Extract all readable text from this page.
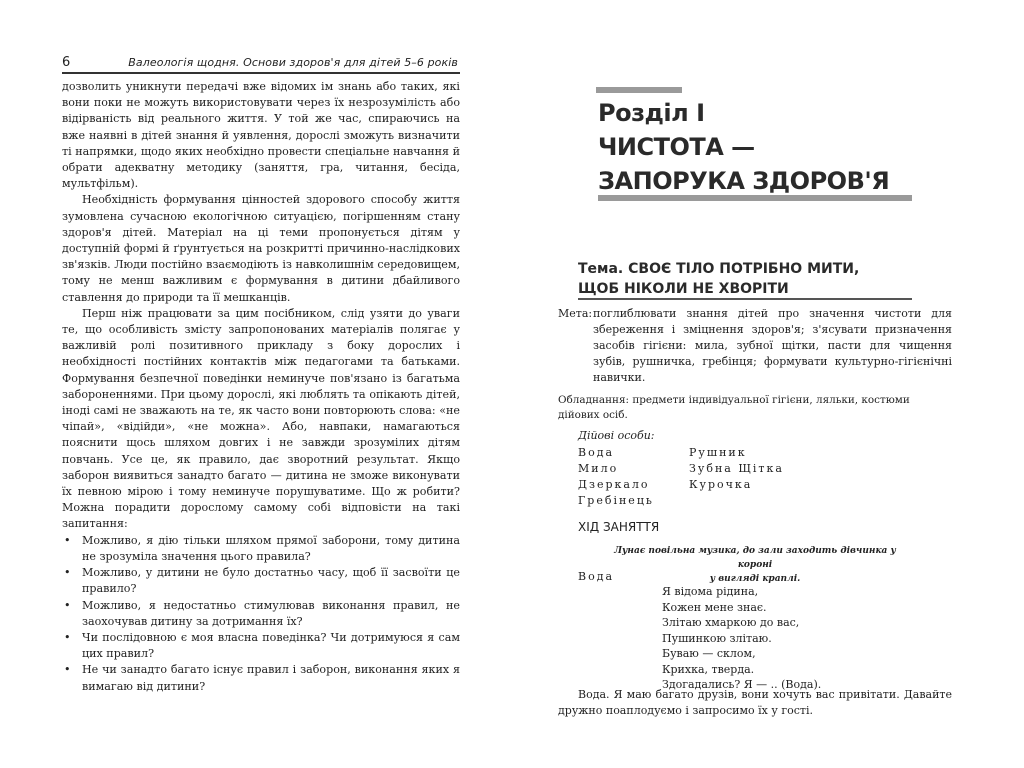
6	Валеологія щодня. Основи здоров'я для дітей 5–6 років

дозволить уникнути передачі вже відомих ім знань або таких, які вони поки не можуть використовувати через їх незрозумілість або відірваність від реального життя. У той же час, спираючись на вже наявні в дітей знання й уявлення, дорослі зможуть визначити ті напрямки, щодо яких необхідно провести спеціальне навчання й обрати адекватну методику (заняття, гра, читання, бесіда, мультфільм).

Необхідність формування цінностей здорового способу життя зумовлена сучасною екологічною ситуацією, погіршенням стану здоров'я дітей. Матеріал на ці теми пропонується дітям у доступній формі й ґрунтується на розкритті причинно-наслідкових зв'язків. Люди постійно взаємодіють із навколишнім середовищем, тому не менш важливим є формування в дитини дбайливого ставлення до природи та її мешканців.

Перш ніж працювати за цим посібником, слід узяти до уваги те, що особливість змісту запропонованих матеріалів полягає у важливій ролі позитивного прикладу з боку дорослих і необхідності постійних контактів між педагогами та батьками. Формування безпечної поведінки неминуче пов'язано із багатьма забороненнями. При цьому дорослі, які люблять та опікають дітей, іноді самі не зважають на те, як часто вони повторюють слова: «не чіпай», «відійди», «не можна». Або, навпаки, намагаються пояснити щось шляхом довгих і не завжди зрозумілих дітям повчань. Усе це, як правило, дає зворотний результат. Якщо заборон виявиться занадто багато — дитина не зможе виконувати їх певною мірою і тому неминуче порушуватиме. Що ж робити? Можна порадити дорослому самому собі відповісти на такі запитання:

• Можливо, я дію тільки шляхом прямої заборони, тому дитина не зрозуміла значення цього правила?
• Можливо, у дитини не було достатньо часу, щоб її засвоїти це правило?
• Можливо, я недостатньо стимулював виконання правил, не заохочував дитину за дотримання їх?
• Чи послідовною є моя власна поведінка? Чи дотримуюся я сам цих правил?
• Не чи занадто багато існує правил і заборон, виконання яких я вимагаю від дитини?
Розділ І
ЧИСТОТА —
ЗАПОРУКА ЗДОРОВ'Я
Тема. СВОЄ ТІЛО ПОТРІБНО МИТИ,
ЩОБ НІКОЛИ НЕ ХВОРІТИ
Мета: поглиблювати знання дітей про значення чистоти для збереження і зміцнення здоров'я; з'ясувати призначення засобів гігієни: мила, зубної щітки, пасти для чищення зубів, рушничка, гребінця; формувати культурно-гігієнічні навички.
Обладнання: предмети індивідуальної гігієни, ляльки, костюми дійових осіб.
Дійові особи:
Вода
Мило
Дзеркало
Гребінець
Рушник
Зубна Щітка
Курочка
ХІД ЗАНЯТТЯ
Лунає повільна музика, до зали заходить дівчинка у короні
у вигляді краплі.
Вода
Я відома рідина,
Кожен мене знає.
Злітаю хмаркою до вас,
Пушинкою злітаю.
Буваю — склом,
Крихка, тверда.
Здогадались? Я — .. (Вода).
Вода. Я маю багато друзів, вони хочуть вас привітати. Давайте дружно поаплодуємо і запросимо їх у гості.
